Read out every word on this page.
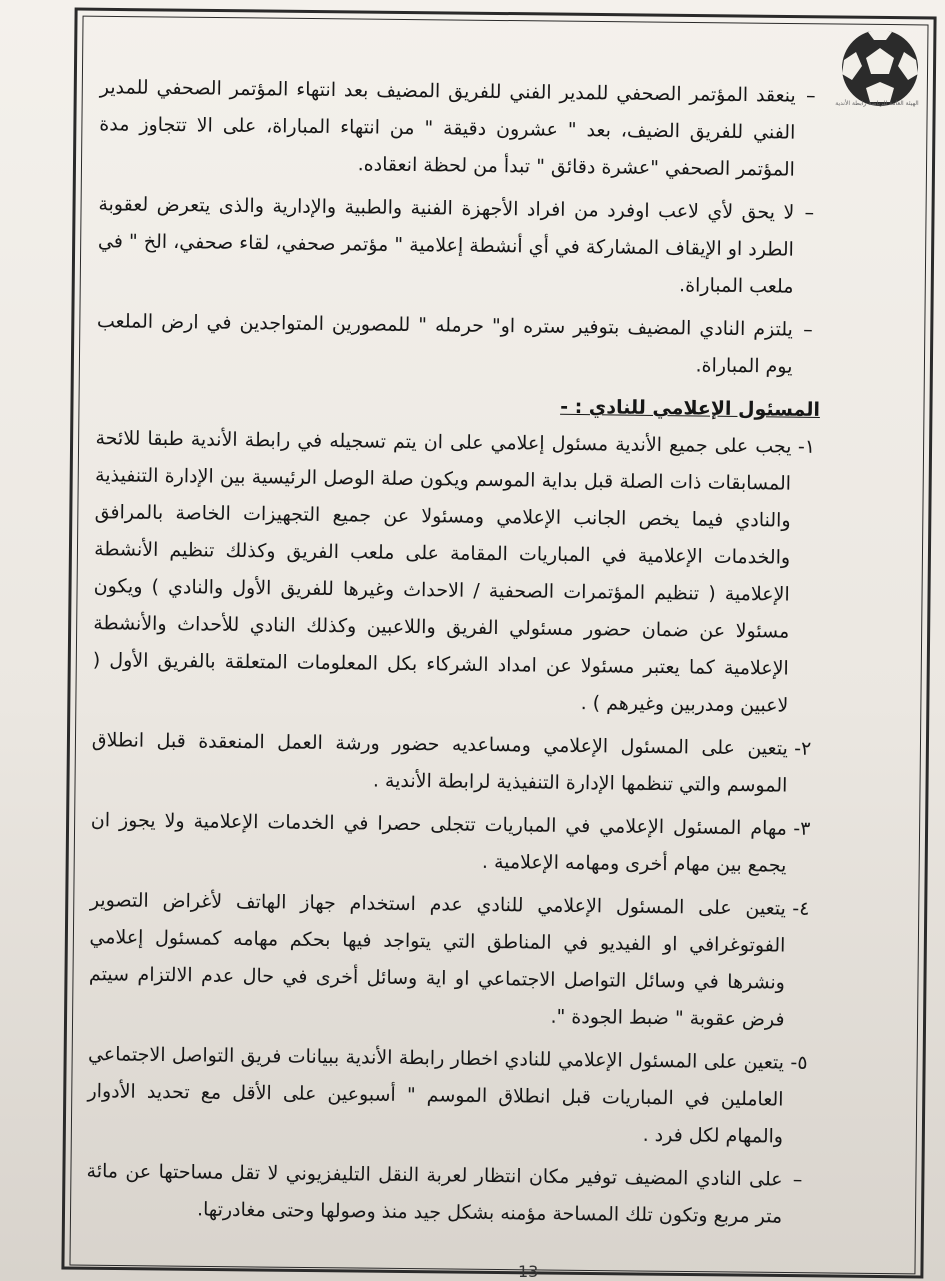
الهيئة العامة للرياضة رابطة الأندية
–
ينعقد المؤتمر الصحفي للمدير الفني للفريق المضيف بعد انتهاء المؤتمر الصحفي للمدير الفني للفريق الضيف، بعد " عشرون دقيقة " من انتهاء المباراة، على الا تتجاوز مدة المؤتمر الصحفي "عشرة دقائق " تبدأ من لحظة انعقاده.
–
لا يحق لأي لاعب اوفرد من افراد الأجهزة الفنية والطبية والإدارية والذى يتعرض لعقوبة الطرد او الإيقاف المشاركة في أي أنشطة إعلامية " مؤتمر صحفي، لقاء صحفي، الخ " في ملعب المباراة.
–
يلتزم النادي المضيف بتوفير ستره او" حرمله " للمصورين المتواجدين في ارض الملعب يوم المباراة.
المسئول الإعلامي للنادي : -
١-
يجب على جميع الأندية مسئول إعلامي على ان يتم تسجيله في رابطة الأندية طبقا للائحة المسابقات ذات الصلة قبل بداية الموسم ويكون صلة الوصل الرئيسية بين الإدارة التنفيذية والنادي فيما يخص الجانب الإعلامي ومسئولا عن جميع التجهيزات الخاصة بالمرافق والخدمات الإعلامية في المباريات المقامة على ملعب الفريق وكذلك تنظيم الأنشطة الإعلامية ( تنظيم المؤتمرات الصحفية / الاحداث وغيرها للفريق الأول والنادي ) ويكون مسئولا عن ضمان حضور مسئولي الفريق واللاعبين وكذلك النادي للأحداث والأنشطة الإعلامية كما يعتبر مسئولا عن امداد الشركاء بكل المعلومات المتعلقة بالفريق الأول ( لاعبين ومدربين وغيرهم ) .
٢-
يتعين على المسئول الإعلامي ومساعديه حضور ورشة العمل المنعقدة قبل انطلاق الموسم والتي تنظمها الإدارة التنفيذية لرابطة الأندية .
٣-
مهام المسئول الإعلامي في المباريات تتجلى حصرا في الخدمات الإعلامية ولا يجوز ان يجمع بين مهام أخرى ومهامه الإعلامية .
٤-
يتعين على المسئول الإعلامي للنادي عدم استخدام جهاز الهاتف لأغراض التصوير الفوتوغرافي او الفيديو في المناطق التي يتواجد فيها بحكم مهامه كمسئول إعلامي ونشرها في وسائل التواصل الاجتماعي او اية وسائل أخرى في حال عدم الالتزام سيتم فرض عقوبة " ضبط الجودة ".
٥-
يتعين على المسئول الإعلامي للنادي اخطار رابطة الأندية ببيانات فريق التواصل الاجتماعي العاملين في المباريات قبل انطلاق الموسم " أسبوعين على الأقل مع تحديد الأدوار والمهام لكل فرد .
–
على النادي المضيف توفير مكان انتظار لعربة النقل التليفزيوني لا تقل مساحتها عن مائة متر مربع وتكون تلك المساحة مؤمنه بشكل جيد منذ وصولها وحتى مغادرتها.
13
